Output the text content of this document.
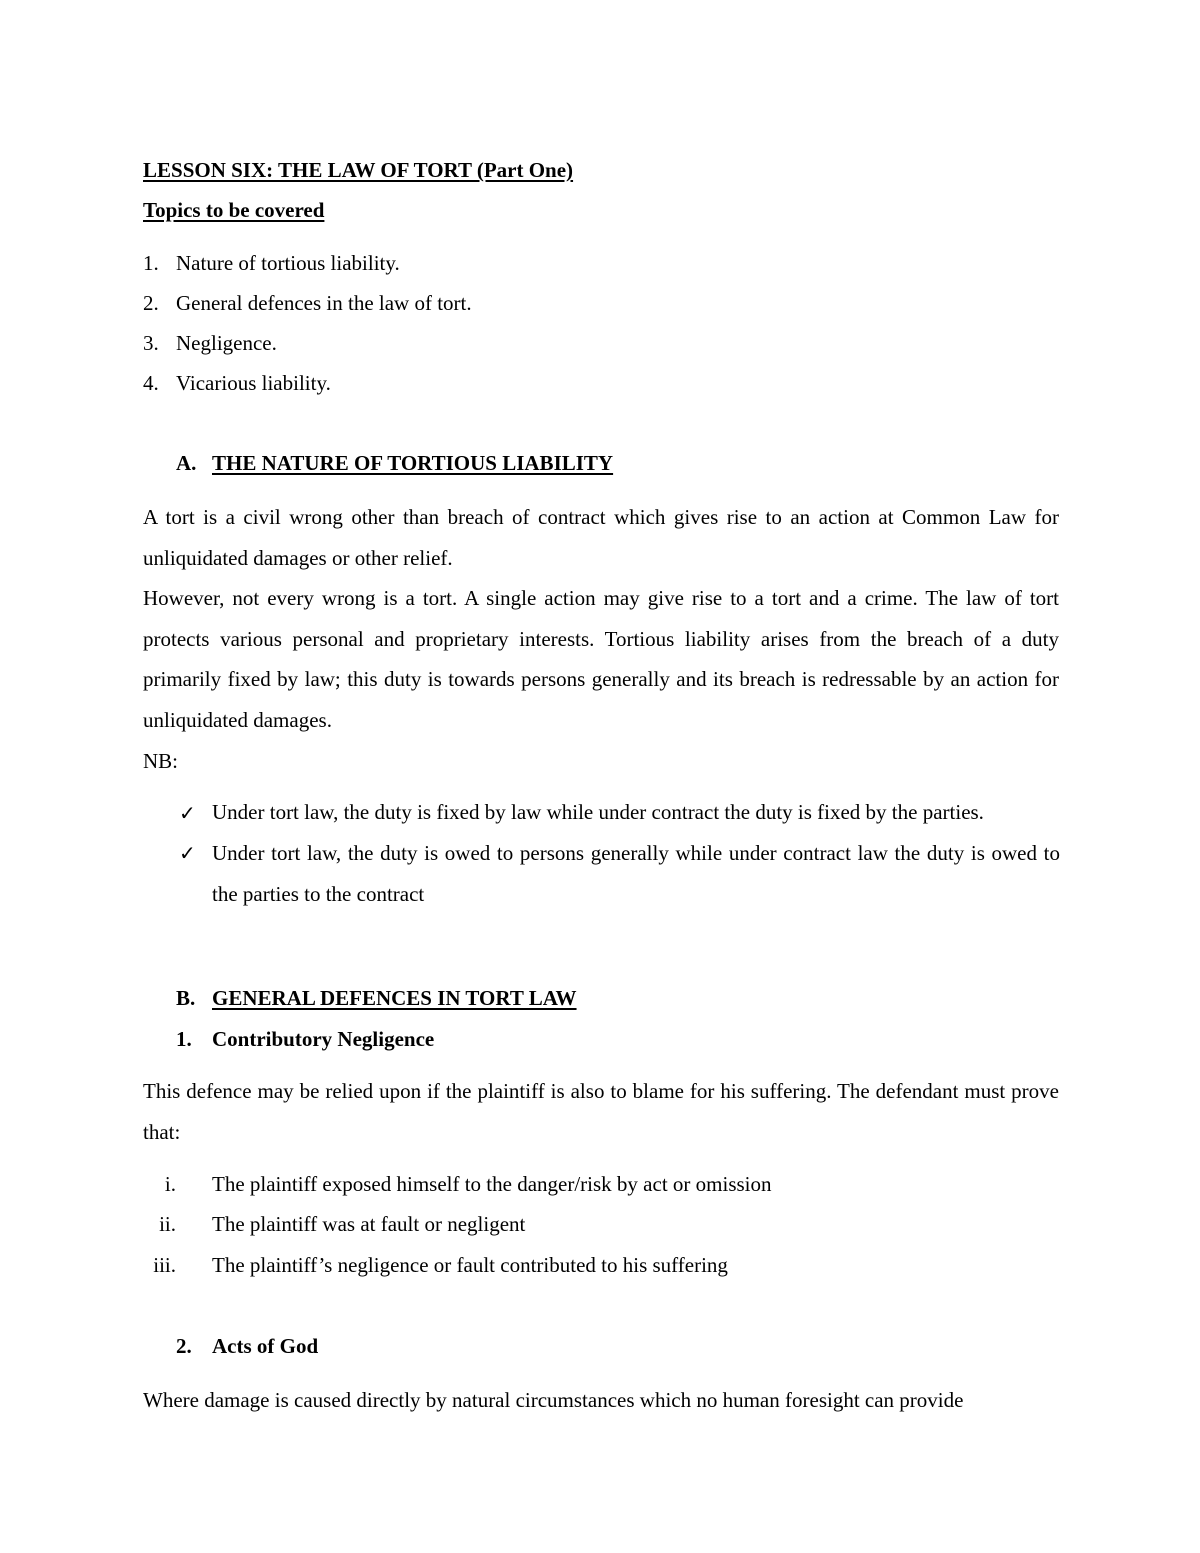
LESSON SIX: THE LAW OF TORT (Part One)
Topics to be covered
1. Nature of tortious liability.
2. General defences in the law of tort.
3. Negligence.
4. Vicarious liability.
A. THE NATURE OF TORTIOUS LIABILITY
A tort is a civil wrong other than breach of contract which gives rise to an action at Common Law for unliquidated damages or other relief.
However, not every wrong is a tort. A single action may give rise to a tort and a crime. The law of tort protects various personal and proprietary interests. Tortious liability arises from the breach of a duty primarily fixed by law; this duty is towards persons generally and its breach is redressable by an action for unliquidated damages.
NB:
✓ Under tort law, the duty is fixed by law while under contract the duty is fixed by the parties.
✓ Under tort law, the duty is owed to persons generally while under contract law the duty is owed to the parties to the contract
B. GENERAL DEFENCES IN TORT LAW
1. Contributory Negligence
This defence may be relied upon if the plaintiff is also to blame for his suffering. The defendant must prove that:
i. The plaintiff exposed himself to the danger/risk by act or omission
ii. The plaintiff was at fault or negligent
iii. The plaintiff’s negligence or fault contributed to his suffering
2. Acts of God
Where damage is caused directly by natural circumstances which no human foresight can provide
